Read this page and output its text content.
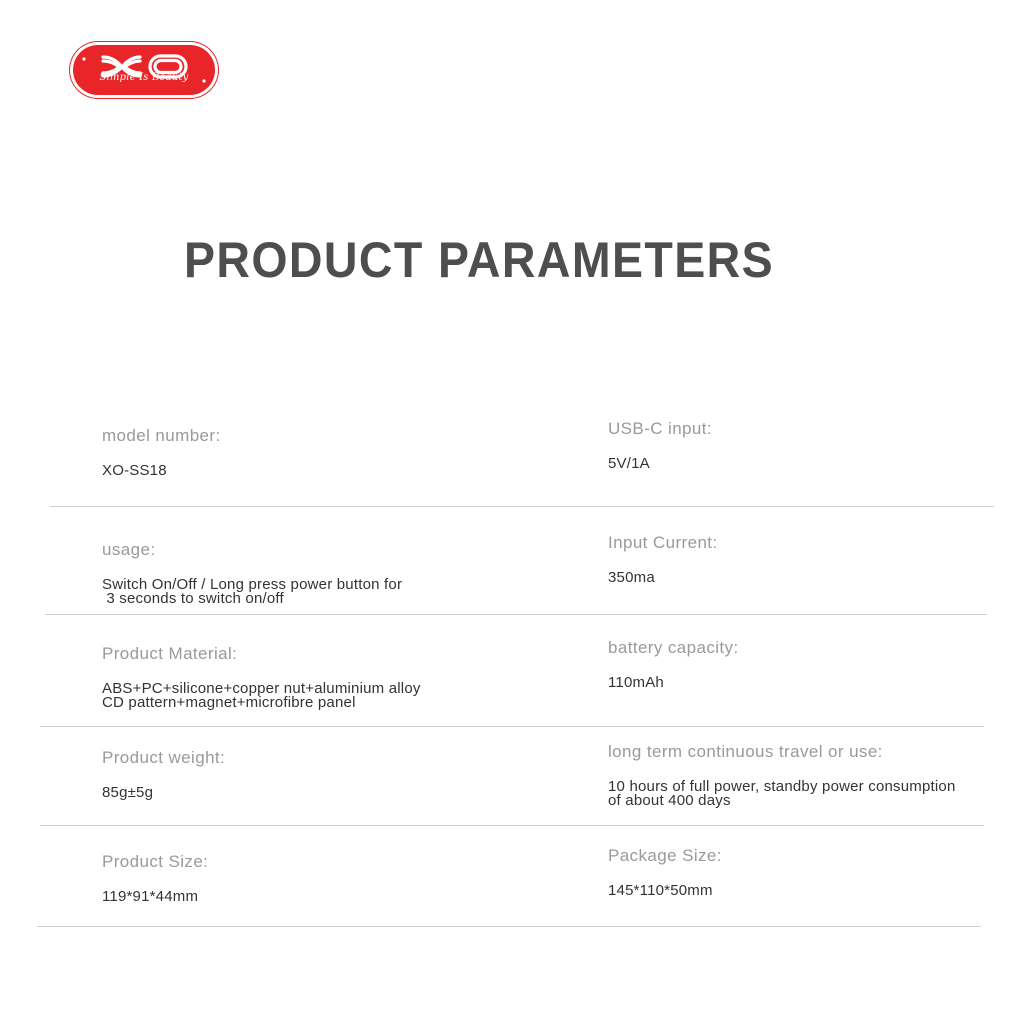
Simple Is Beauty
PRODUCT PARAMETERS
model number:
XO-SS18
USB-C input:
5V/1A
usage:
Switch On/Off / Long press power button for
3 seconds to switch on/off
Input Current:
350ma
Product Material:
ABS+PC+silicone+copper nut+aluminium alloy
CD pattern+magnet+microfibre panel
battery capacity:
110mAh
Product weight:
85g±5g
long term continuous travel or use:
10 hours of full power, standby power consumption
of about 400 days
Product Size:
119*91*44mm
Package Size:
145*110*50mm
